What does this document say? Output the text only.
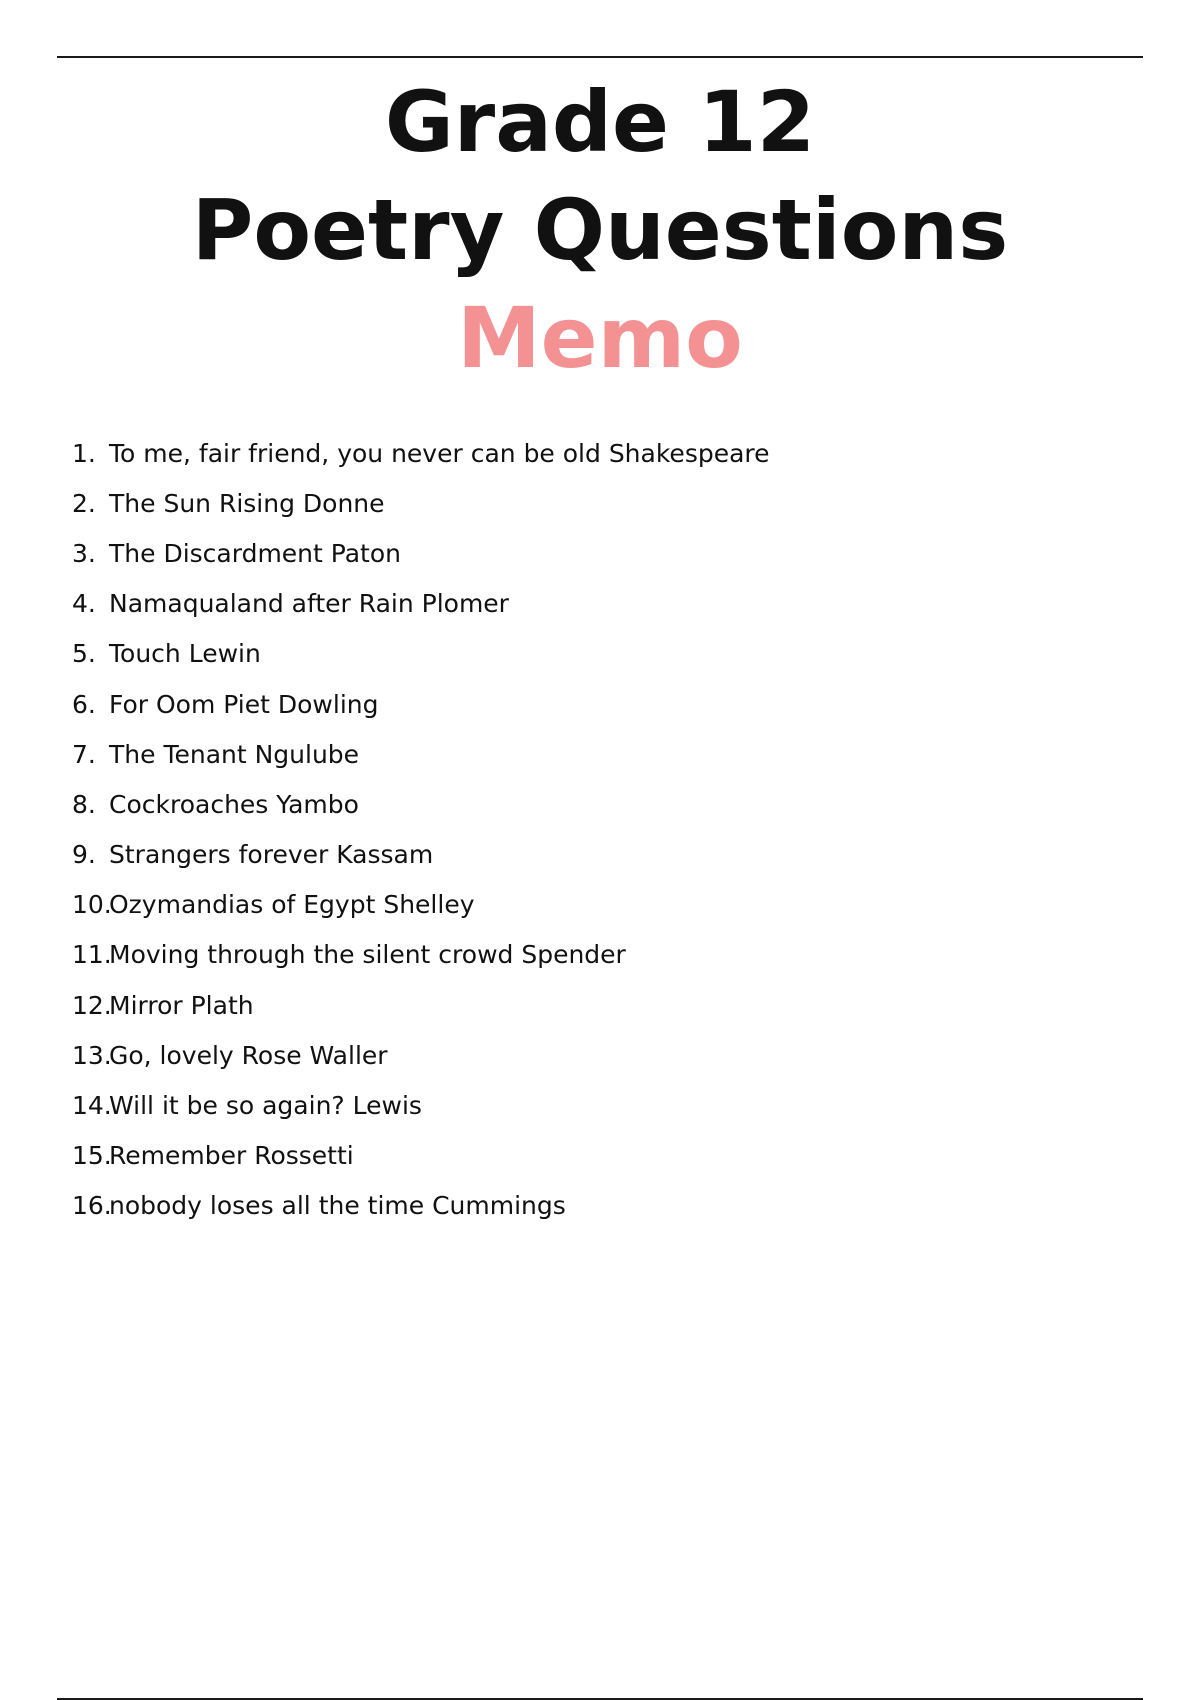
Grade 12
Poetry Questions
Memo
1. To me, fair friend, you never can be old Shakespeare
2. The Sun Rising Donne
3. The Discardment Paton
4. Namaqualand after Rain Plomer
5. Touch Lewin
6. For Oom Piet Dowling
7. The Tenant Ngulube
8. Cockroaches Yambo
9. Strangers forever Kassam
10.
Ozymandias of Egypt Shelley
11.
Moving through the silent crowd Spender
12.
Mirror Plath
13.
Go, lovely Rose Waller
14.
Will it be so again? Lewis
15.
Remember Rossetti
16.
nobody loses all the time Cummings
